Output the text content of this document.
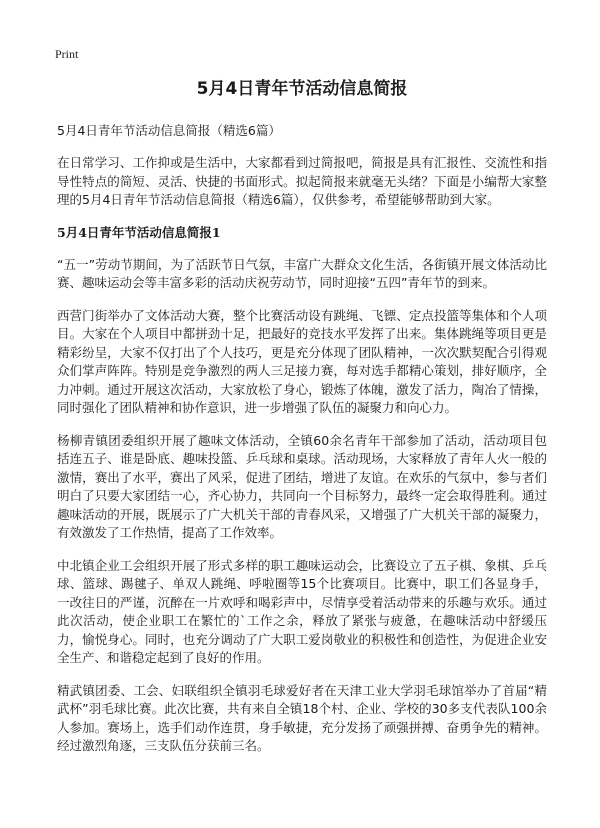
Print
5月4日青年节活动信息简报

5月4日青年节活动信息简报（精选6篇）

在日常学习、工作抑或是生活中，大家都看到过简报吧，简报是具有汇报性、交流性和指导性特点的简短、灵活、快捷的书面形式。拟起简报来就毫无头绪？下面是小编帮大家整理的5月4日青年节活动信息简报（精选6篇），仅供参考，希望能够帮助到大家。

5月4日青年节活动信息简报1

“五一”劳动节期间，为了活跃节日气氛，丰富广大群众文化生活，各街镇开展文体活动比赛、趣味运动会等丰富多彩的活动庆祝劳动节，同时迎接“五四”青年节的到来。

西营门街举办了文体活动大赛，整个比赛活动设有跳绳、飞镖、定点投篮等集体和个人项目。大家在个人项目中都拼劲十足，把最好的竞技水平发挥了出来。集体跳绳等项目更是精彩纷呈，大家不仅打出了个人技巧，更是充分体现了团队精神，一次次默契配合引得观众们掌声阵阵。特别是竞争激烈的两人三足接力赛，每对选手都精心策划，排好顺序，全力冲刺。通过开展这次活动，大家放松了身心，锻炼了体魄，激发了活力，陶冶了情操，同时强化了团队精神和协作意识，进一步增强了队伍的凝聚力和向心力。

杨柳青镇团委组织开展了趣味文体活动，全镇60余名青年干部参加了活动，活动项目包括连五子、谁是卧底、趣味投篮、乒乓球和桌球。活动现场，大家释放了青年人火一般的激情，赛出了水平，赛出了风采，促进了团结，增进了友谊。在欢乐的气氛中，参与者们明白了只要大家团结一心，齐心协力，共同向一个目标努力，最终一定会取得胜利。通过趣味活动的开展，既展示了广大机关干部的青春风采，又增强了广大机关干部的凝聚力，有效激发了工作热情，提高了工作效率。

中北镇企业工会组织开展了形式多样的职工趣味运动会，比赛设立了五子棋、象棋、乒乓球、篮球、踢毽子、单双人跳绳、呼啦圈等15个比赛项目。比赛中，职工们各显身手，一改往日的严谨，沉醉在一片欢呼和喝彩声中，尽情享受着活动带来的乐趣与欢乐。通过此次活动，使企业职工在繁忙的`工作之余，释放了紧张与疲惫，在趣味活动中舒缓压力，愉悦身心。同时，也充分调动了广大职工爱岗敬业的积极性和创造性，为促进企业安全生产、和谐稳定起到了良好的作用。

精武镇团委、工会、妇联组织全镇羽毛球爱好者在天津工业大学羽毛球馆举办了首届“精武杯”羽毛球比赛。此次比赛，共有来自全镇18个村、企业、学校的30多支代表队100余人参加。赛场上，选手们动作连贯，身手敏捷，充分发扬了顽强拼搏、奋勇争先的精神。经过激烈角逐，三支队伍分获前三名。
